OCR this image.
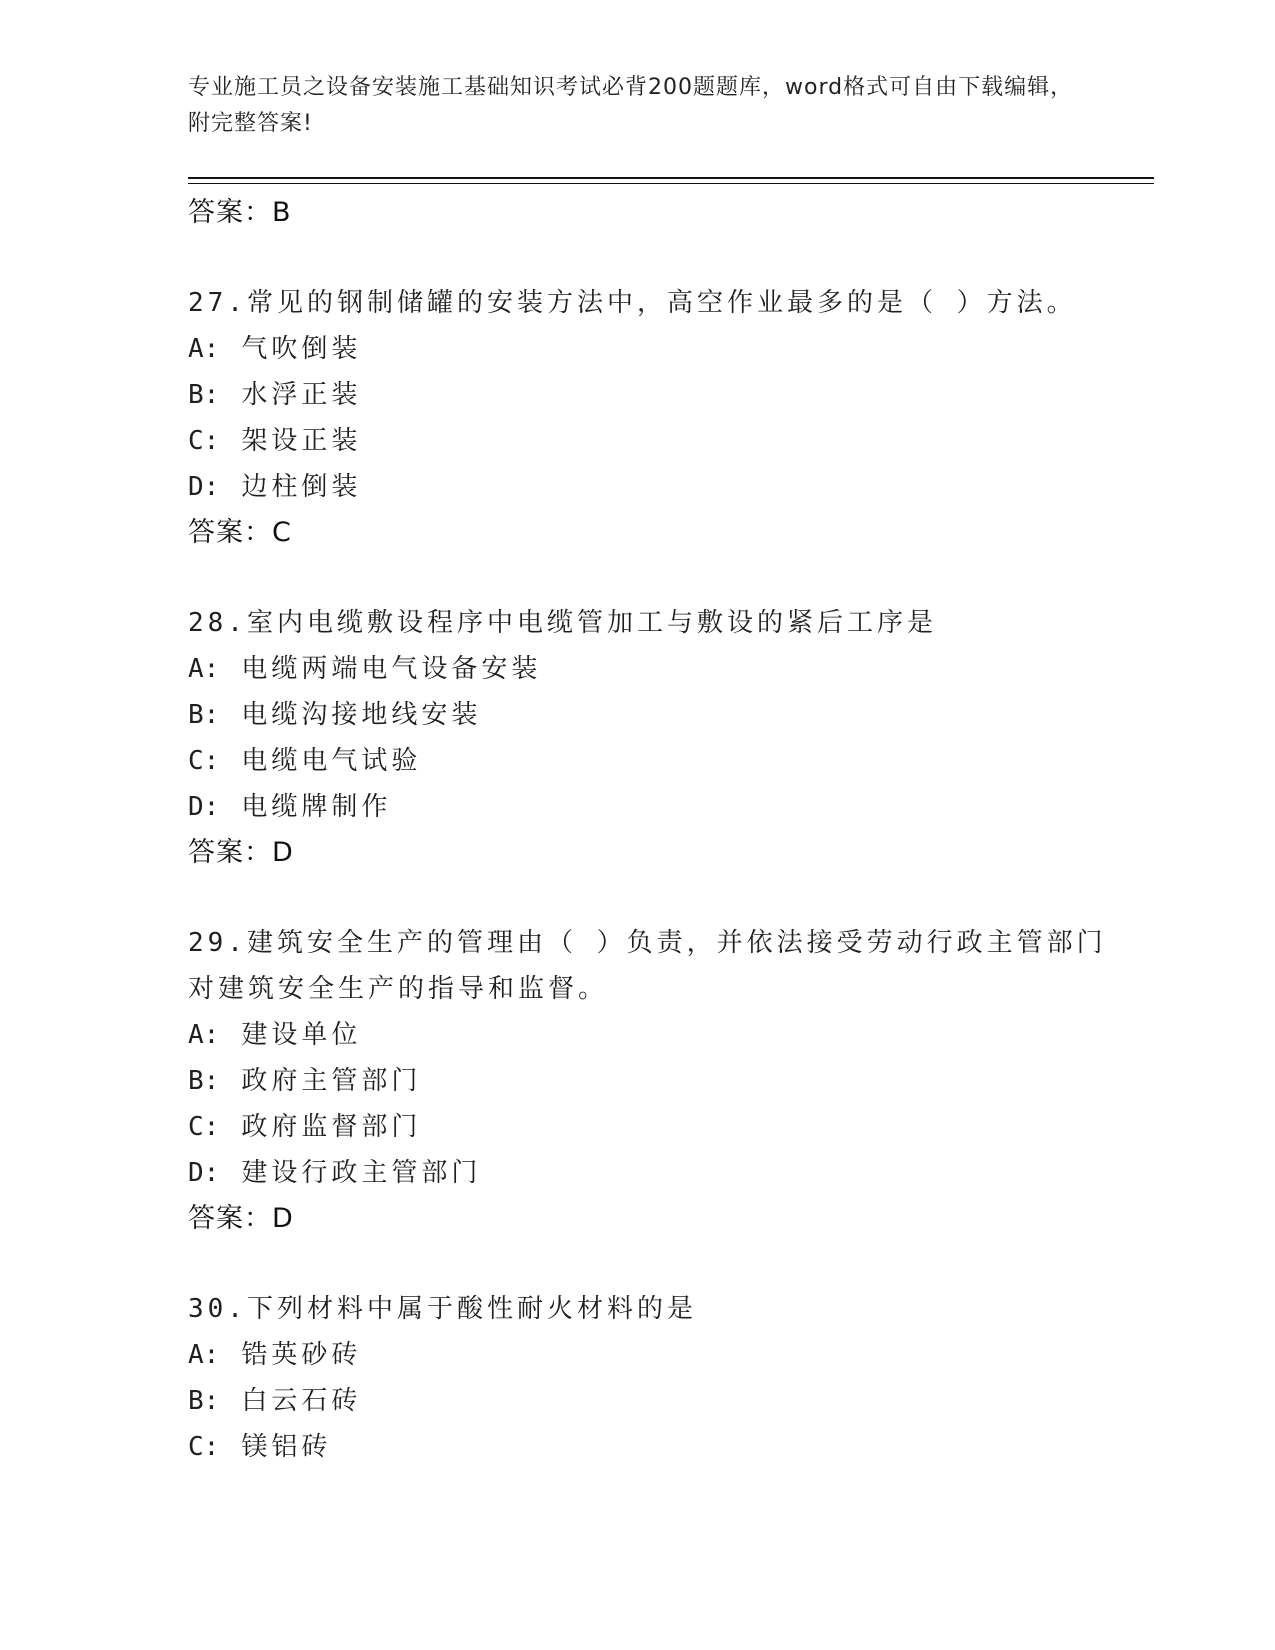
专业施工员之设备安装施工基础知识考试必背200题题库，word格式可自由下载编辑，附完整答案!
答案：B
27.常见的钢制储罐的安装方法中，高空作业最多的是（ ）方法。
A: 气吹倒装
B: 水浮正装
C: 架设正装
D: 边柱倒装
答案：C
28.室内电缆敷设程序中电缆管加工与敷设的紧后工序是
A: 电缆两端电气设备安装
B: 电缆沟接地线安装
C: 电缆电气试验
D: 电缆牌制作
答案：D
29.建筑安全生产的管理由（ ）负责，并依法接受劳动行政主管部门
对建筑安全生产的指导和监督。
A: 建设单位
B: 政府主管部门
C: 政府监督部门
D: 建设行政主管部门
答案：D
30.下列材料中属于酸性耐火材料的是
A: 锆英砂砖
B: 白云石砖
C: 镁铝砖
